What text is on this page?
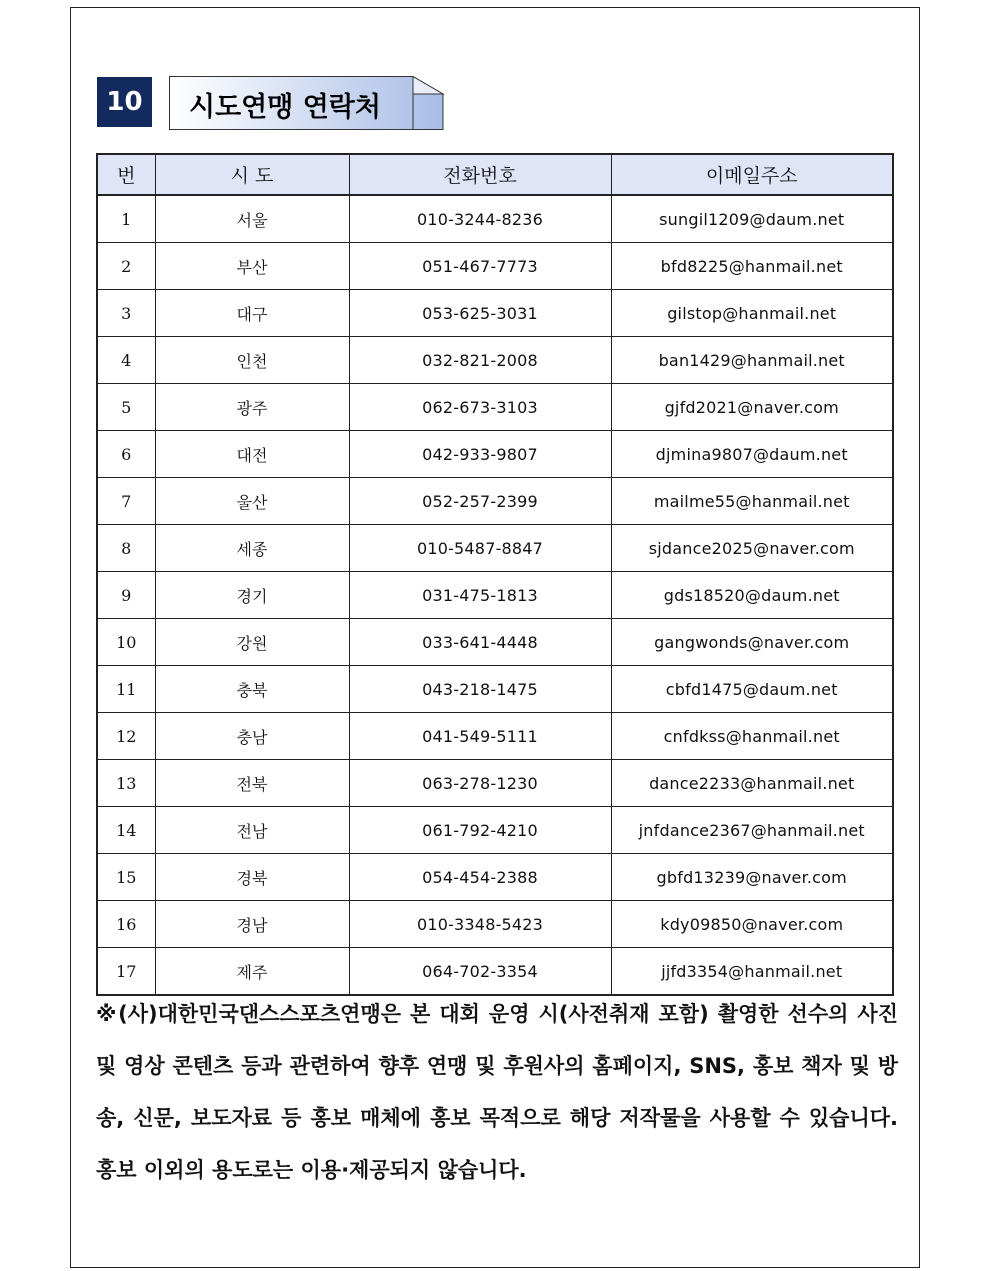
10	시도연맹 연락처
번	시 도	전화번호	이메일주소
1	서울	010-3244-8236	sungil1209@daum.net
2	부산	051-467-7773	bfd8225@hanmail.net
3	대구	053-625-3031	gilstop@hanmail.net
4	인천	032-821-2008	ban1429@hanmail.net
5	광주	062-673-3103	gjfd2021@naver.com
6	대전	042-933-9807	djmina9807@daum.net
7	울산	052-257-2399	mailme55@hanmail.net
8	세종	010-5487-8847	sjdance2025@naver.com
9	경기	031-475-1813	gds18520@daum.net
10	강원	033-641-4448	gangwonds@naver.com
11	충북	043-218-1475	cbfd1475@daum.net
12	충남	041-549-5111	cnfdkss@hanmail.net
13	전북	063-278-1230	dance2233@hanmail.net
14	전남	061-792-4210	jnfdance2367@hanmail.net
15	경북	054-454-2388	gbfd13239@naver.com
16	경남	010-3348-5423	kdy09850@naver.com
17	제주	064-702-3354	jjfd3354@hanmail.net
※(사)대한민국댄스스포츠연맹은 본 대회 운영 시(사전취재 포함) 촬영한 선수의 사진 및 영상 콘텐츠 등과 관련하여 향후 연맹 및 후원사의 홈페이지, SNS, 홍보 책자 및 방송, 신문, 보도자료 등 홍보 매체에 홍보 목적으로 해당 저작물을 사용할 수 있습니다. 홍보 이외의 용도로는 이용·제공되지 않습니다.
